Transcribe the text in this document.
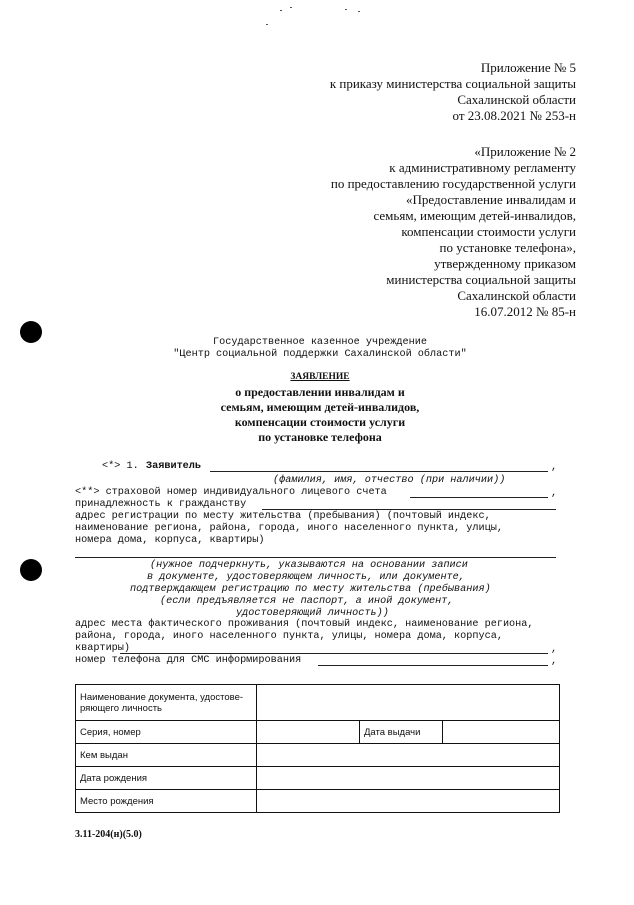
Приложение № 5
к приказу министерства социальной защиты
Сахалинской области
от 23.08.2021 № 253-н
«Приложение № 2
к административному регламенту
по предоставлению государственной услуги
«Предоставление инвалидам и
семьям, имеющим детей-инвалидов,
компенсации стоимости услуги
по установке телефона»,
утвержденному приказом
министерства социальной защиты
Сахалинской области
16.07.2012 № 85-н
Государственное казенное учреждение
"Центр социальной поддержки Сахалинской области"
ЗАЯВЛЕНИЕ
о предоставлении инвалидам и
семьям, имеющим детей-инвалидов,
компенсации стоимости услуги
по установке телефона
<*> 1. Заявитель	,
(фамилия, имя, отчество (при наличии))
<**> страховой номер индивидуального лицевого счета	,
принадлежность к гражданству
адрес регистрации по месту жительства (пребывания) (почтовый индекс,
наименование региона, района, города, иного населенного пункта, улицы,
номера дома, корпуса, квартиры)
(нужное подчеркнуть, указываются на основании записи
в документе, удостоверяющем личность, или документе,
подтверждающем регистрацию по месту жительства (пребывания)
(если предъявляется не паспорт, а иной документ,
удостоверяющий личность))
адрес места фактического проживания (почтовый индекс, наименование региона,
района, города, иного населенного пункта, улицы, номера дома, корпуса,
квартиры)	,
номер телефона для СМС информирования	,
Наименование документа, удостове-ряющего личность			
Серия, номер		Дата выдачи	
Кем выдан			
Дата рождения			
Место рождения			
3.11-204(н)(5.0)
